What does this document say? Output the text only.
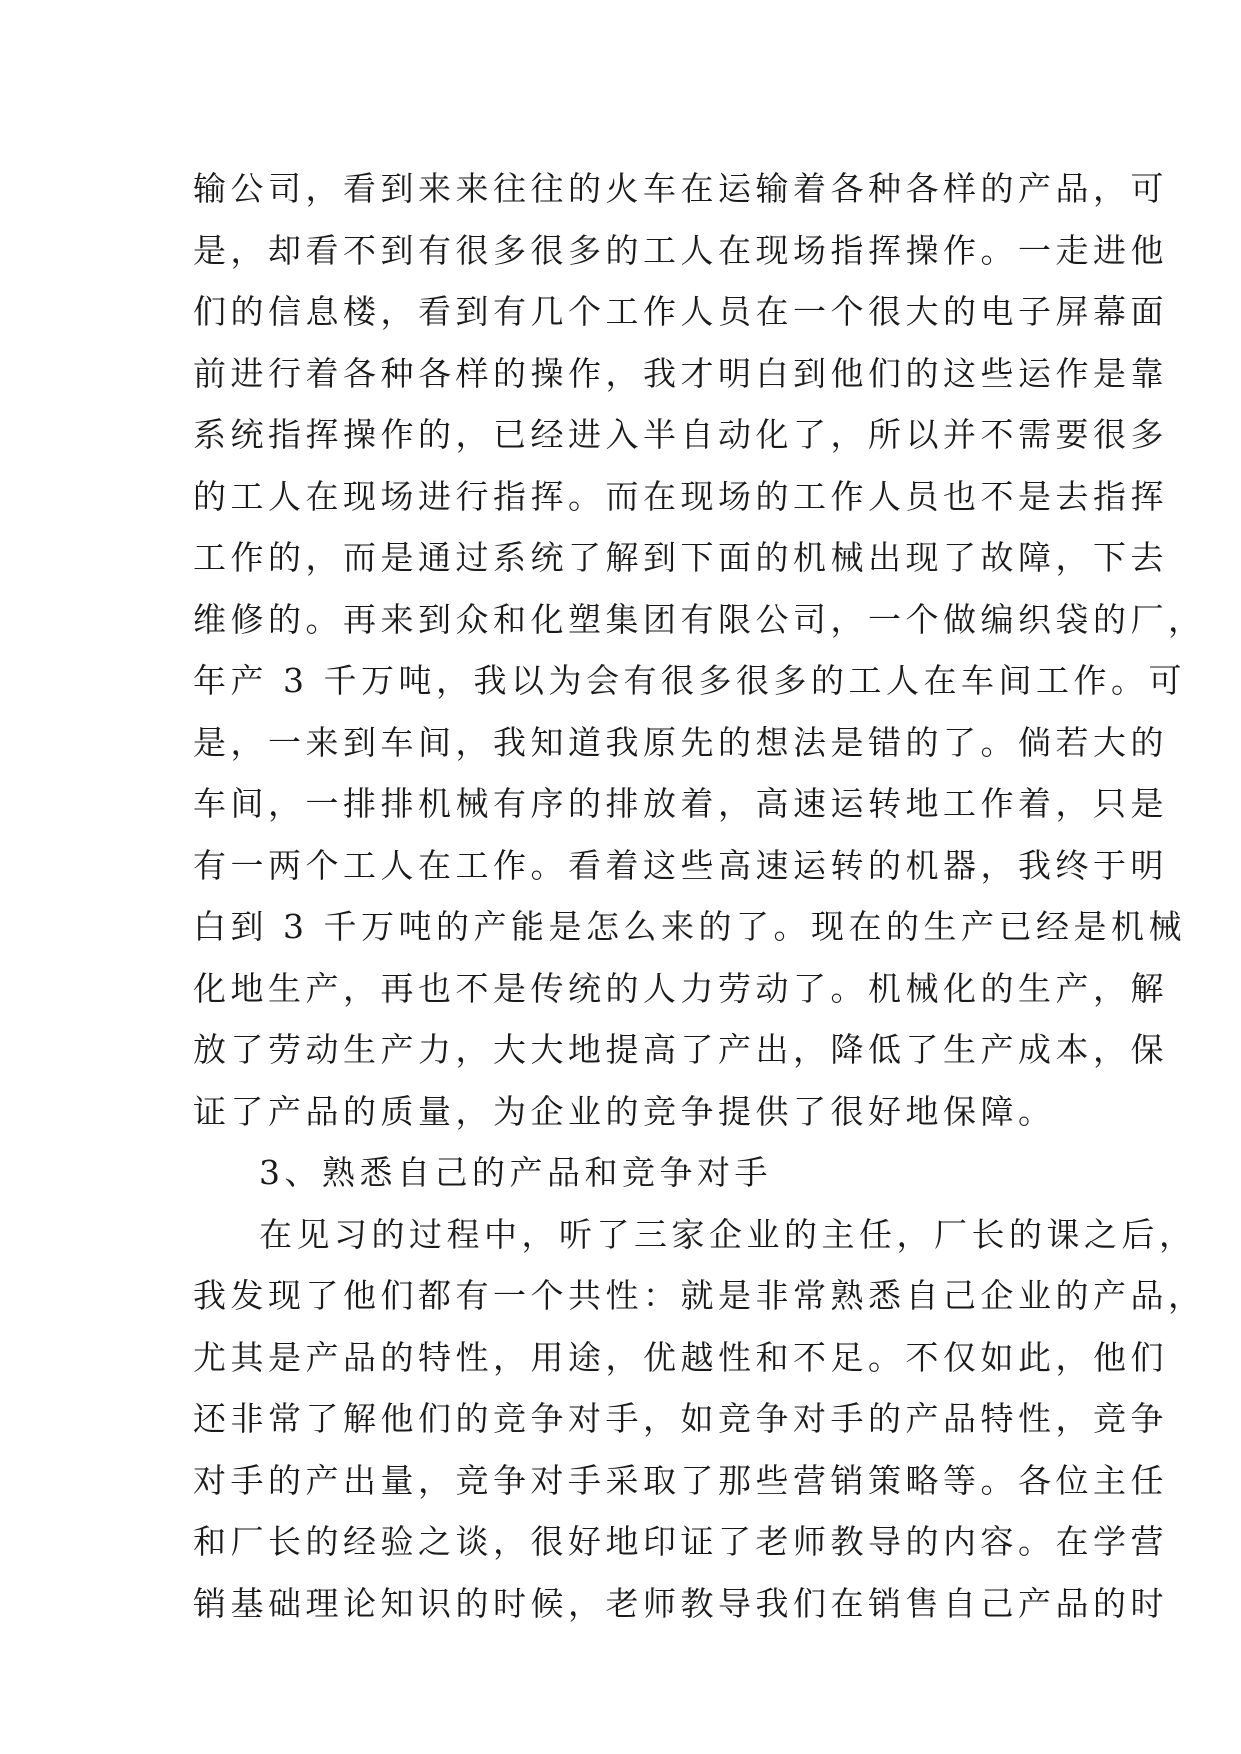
输公司，看到来来往往的火车在运输着各种各样的产品，可
是，却看不到有很多很多的工人在现场指挥操作。一走进他
们的信息楼，看到有几个工作人员在一个很大的电子屏幕面
前进行着各种各样的操作，我才明白到他们的这些运作是靠
系统指挥操作的，已经进入半自动化了，所以并不需要很多
的工人在现场进行指挥。而在现场的工作人员也不是去指挥
工作的，而是通过系统了解到下面的机械出现了故障，下去
维修的。再来到众和化塑集团有限公司，一个做编织袋的厂，
年产 3 千万吨，我以为会有很多很多的工人在车间工作。可
是，一来到车间，我知道我原先的想法是错的了。倘若大的
车间，一排排机械有序的排放着，高速运转地工作着，只是
有一两个工人在工作。看着这些高速运转的机器，我终于明
白到 3 千万吨的产能是怎么来的了。现在的生产已经是机械
化地生产，再也不是传统的人力劳动了。机械化的生产，解
放了劳动生产力，大大地提高了产出，降低了生产成本，保
证了产品的质量，为企业的竞争提供了很好地保障。
3、熟悉自己的产品和竞争对手
在见习的过程中，听了三家企业的主任，厂长的课之后，
我发现了他们都有一个共性：就是非常熟悉自己企业的产品，
尤其是产品的特性，用途，优越性和不足。不仅如此，他们
还非常了解他们的竞争对手，如竞争对手的产品特性，竞争
对手的产出量，竞争对手采取了那些营销策略等。各位主任
和厂长的经验之谈，很好地印证了老师教导的内容。在学营
销基础理论知识的时候，老师教导我们在销售自己产品的时
